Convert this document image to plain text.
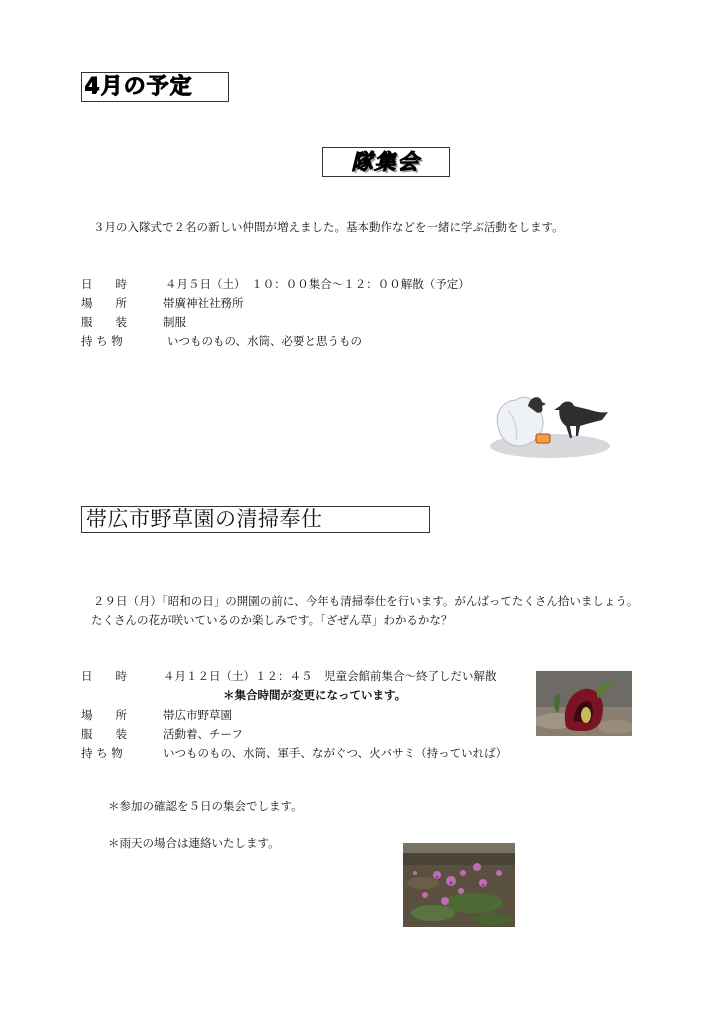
4月の予定
隊集会
３月の入隊式で２名の新しい仲間が増えました。基本動作などを一緒に学ぶ活動をします。
日　　時	４月５日（土）　１０：００集合～１２：００解散（予定）
場　　所	帯廣神社社務所
服　　装	制服
持 ち 物	いつものもの、水筒、必要と思うもの
帯広市野草園の清掃奉仕
２９日（月）「昭和の日」の開園の前に、今年も清掃奉仕を行います。がんばってたくさん拾いましょう。
たくさんの花が咲いているのか楽しみです。「ざぜん草」わかるかな？
日　　時	４月１２日（土）１２：４５　児童会館前集合～終了しだい解散
＊集合時間が変更になっています。
場　　所	帯広市野草園
服　　装	活動着、チーフ
持 ち 物	いつものもの、水筒、軍手、ながぐつ、火バサミ（持っていれば）
＊参加の確認を５日の集会でします。
＊雨天の場合は連絡いたします。
